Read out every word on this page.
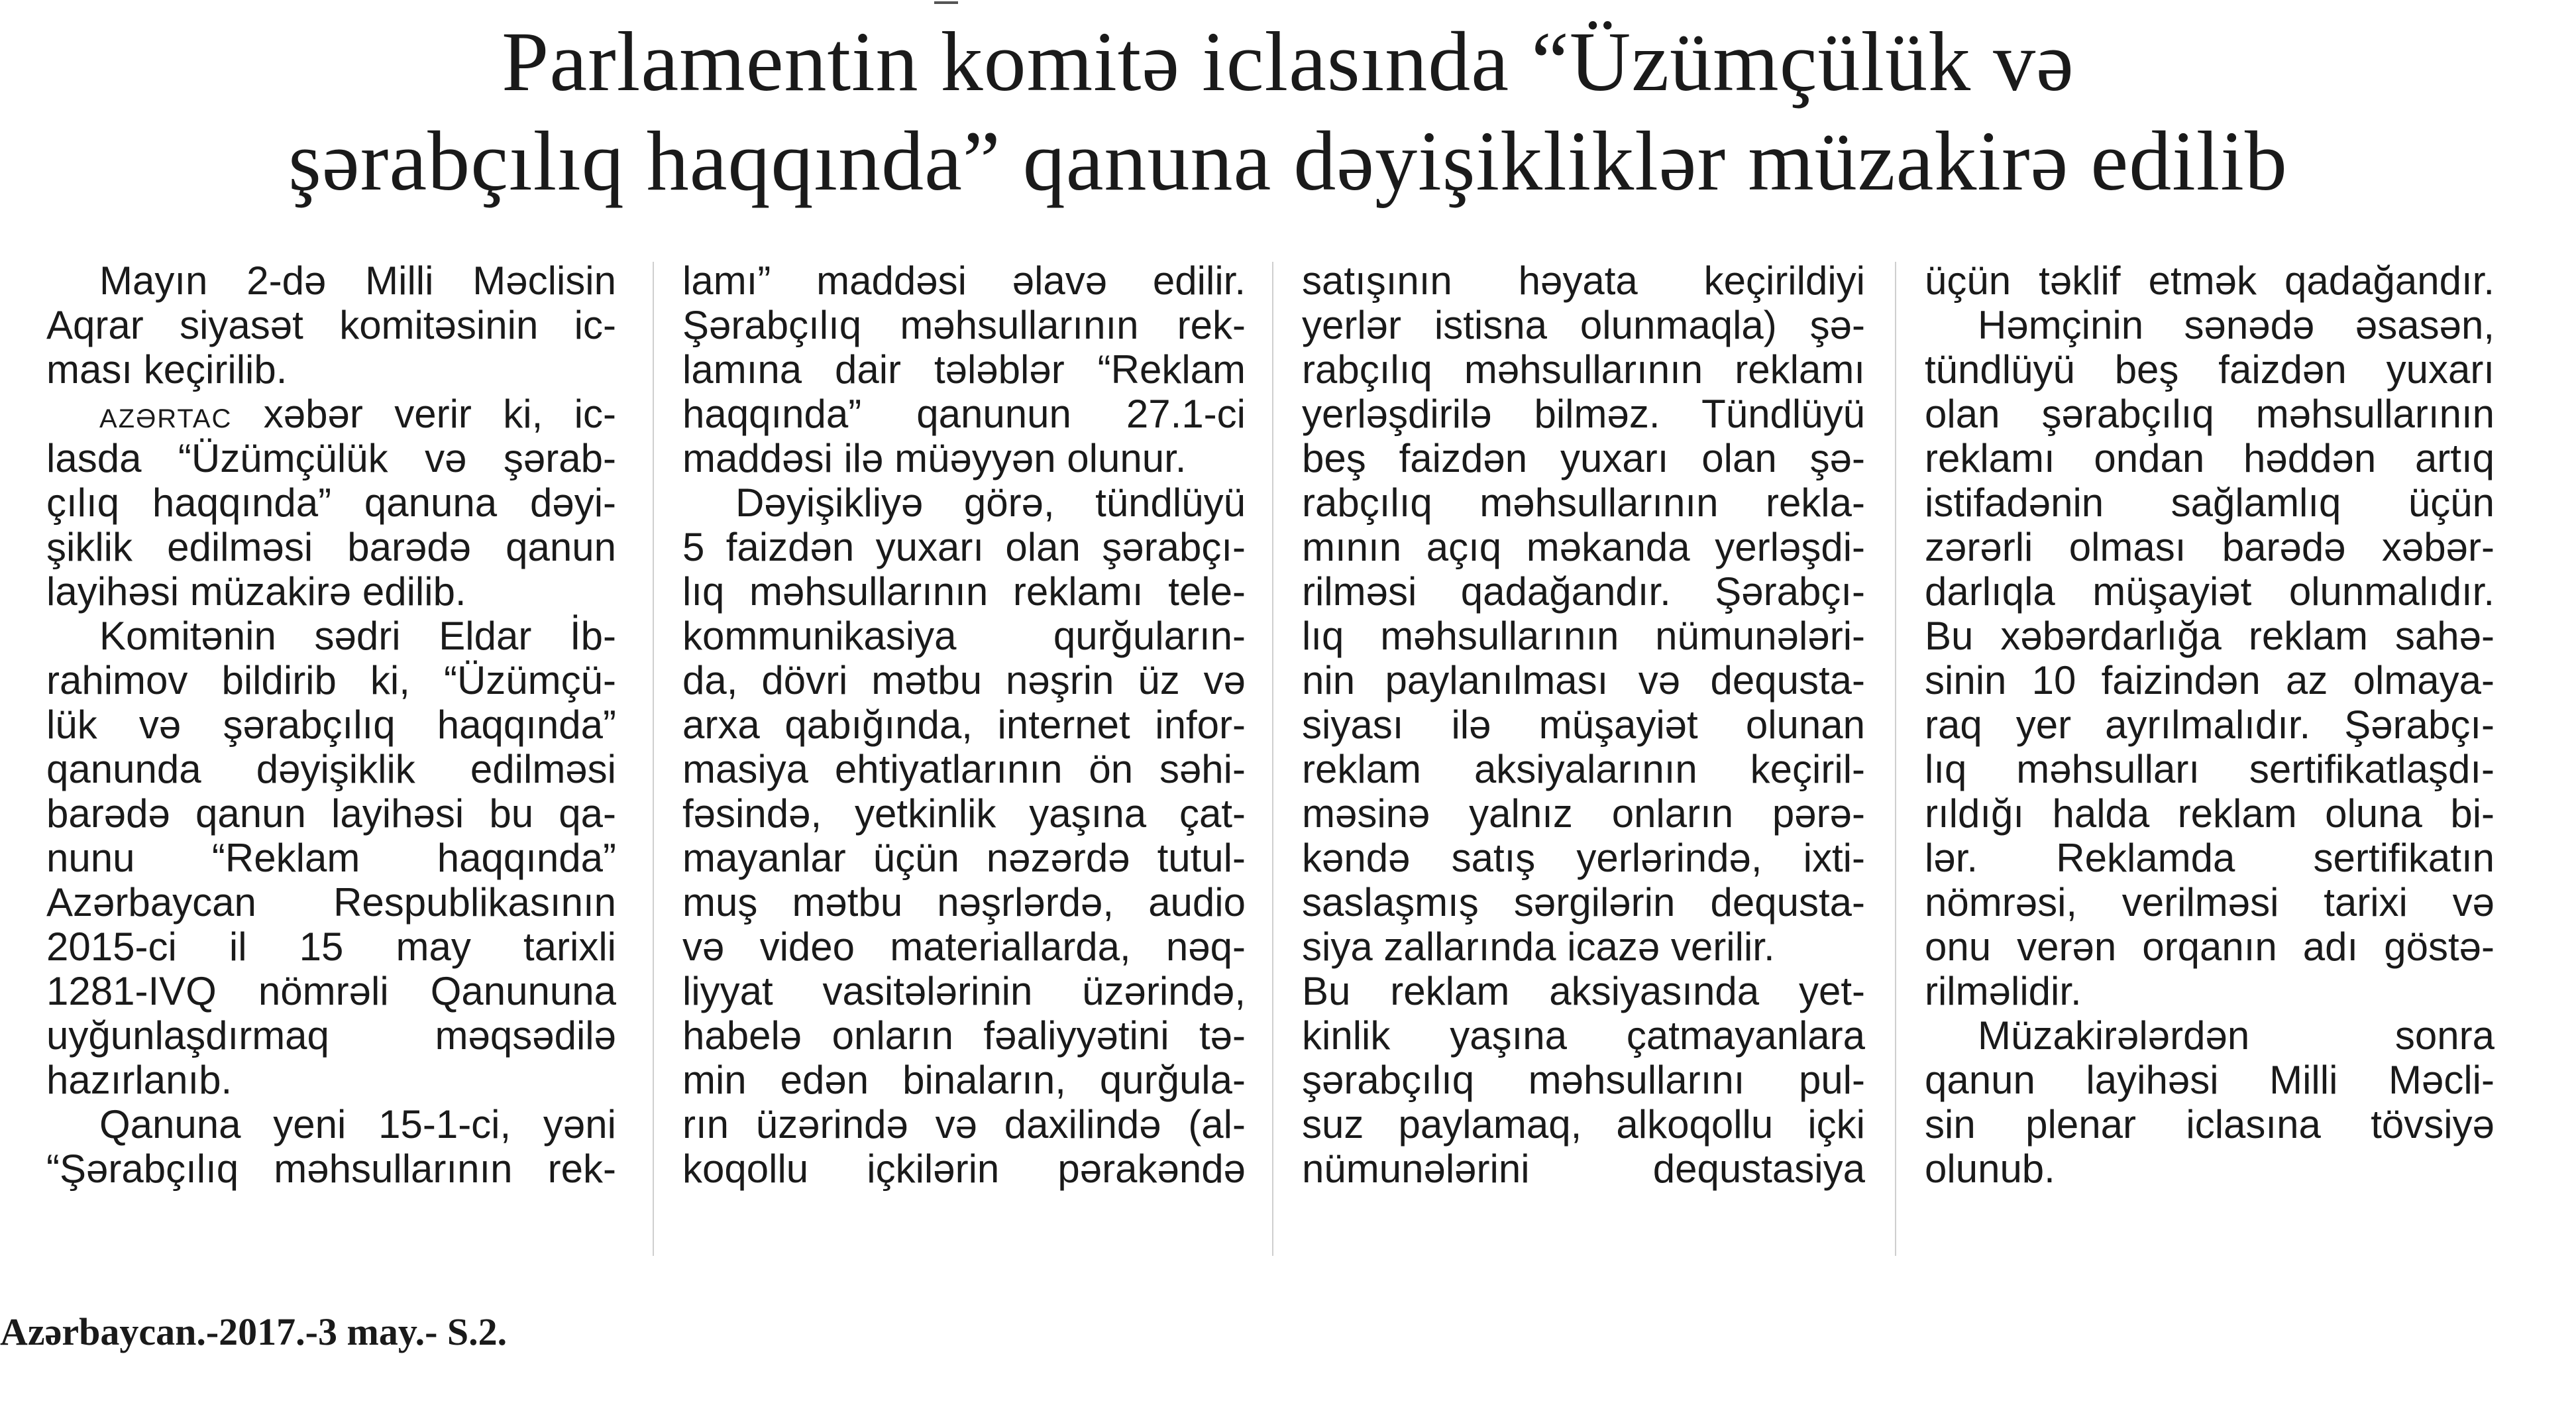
Parlamentin komitə iclasında “Üzümçülük və
şərabçılıq haqqında” qanuna dəyişikliklər müzakirə edilib
Mayın 2-də Milli Məclisin
Aqrar siyasət komitəsinin ic-
ması keçirilib.
AZƏRTAC xəbər verir ki, ic-
lasda “Üzümçülük və şərab-
çılıq haqqında” qanuna dəyi-
şiklik edilməsi barədə qanun
layihəsi müzakirə edilib.
Komitənin sədri Eldar İb-
rahimov bildirib ki, “Üzümçü-
lük və şərabçılıq haqqında”
qanunda dəyişiklik edilməsi
barədə qanun layihəsi bu qa-
nunu “Reklam haqqında”
Azərbaycan Respublikasının
2015-ci il 15 may tarixli
1281-IVQ nömrəli Qanununa
uyğunlaşdırmaq məqsədilə
hazırlanıb.
Qanuna yeni 15-1-ci, yəni
“Şərabçılıq məhsullarının rek-
lamı” maddəsi əlavə edilir.
Şərabçılıq məhsullarının rek-
lamına dair tələblər “Reklam
haqqında” qanunun 27.1-ci
maddəsi ilə müəyyən olunur.
Dəyişikliyə görə, tündlüyü
5 faizdən yuxarı olan şərabçı-
lıq məhsullarının reklamı tele-
kommunikasiya qurğuların-
da, dövri mətbu nəşrin üz və
arxa qabığında, internet infor-
masiya ehtiyatlarının ön səhi-
fəsində, yetkinlik yaşına çat-
mayanlar üçün nəzərdə tutul-
muş mətbu nəşrlərdə, audio
və video materiallarda, nəq-
liyyat vasitələrinin üzərində,
habelə onların fəaliyyətini tə-
min edən binaların, qurğula-
rın üzərində və daxilində (al-
koqollu içkilərin pərakəndə
satışının həyata keçirildiyi
yerlər istisna olunmaqla) şə-
rabçılıq məhsullarının reklamı
yerləşdirilə bilməz. Tündlüyü
beş faizdən yuxarı olan şə-
rabçılıq məhsullarının rekla-
mının açıq məkanda yerləşdi-
rilməsi qadağandır. Şərabçı-
lıq məhsullarının nümunələri-
nin paylanılması və dequsta-
siyası ilə müşayiət olunan
reklam aksiyalarının keçiril-
məsinə yalnız onların pərə-
kəndə satış yerlərində, ixti-
saslaşmış sərgilərin dequsta-
siya zallarında icazə verilir.
Bu reklam aksiyasında yet-
kinlik yaşına çatmayanlara
şərabçılıq məhsullarını pul-
suz paylamaq, alkoqollu içki
nümunələrini dequstasiya
üçün təklif etmək qadağandır.
Həmçinin sənədə əsasən,
tündlüyü beş faizdən yuxarı
olan şərabçılıq məhsullarının
reklamı ondan həddən artıq
istifadənin sağlamlıq üçün
zərərli olması barədə xəbər-
darlıqla müşayiət olunmalıdır.
Bu xəbərdarlığa reklam sahə-
sinin 10 faizindən az olmaya-
raq yer ayrılmalıdır. Şərabçı-
lıq məhsulları sertifikatlaşdı-
rıldığı halda reklam oluna bi-
lər. Reklamda sertifikatın
nömrəsi, verilməsi tarixi və
onu verən orqanın adı göstə-
rilməlidir.
Müzakirələrdən sonra
qanun layihəsi Milli Məcli-
sin plenar iclasına tövsiyə
olunub.
Azərbaycan.-2017.-3 may.- S.2.
